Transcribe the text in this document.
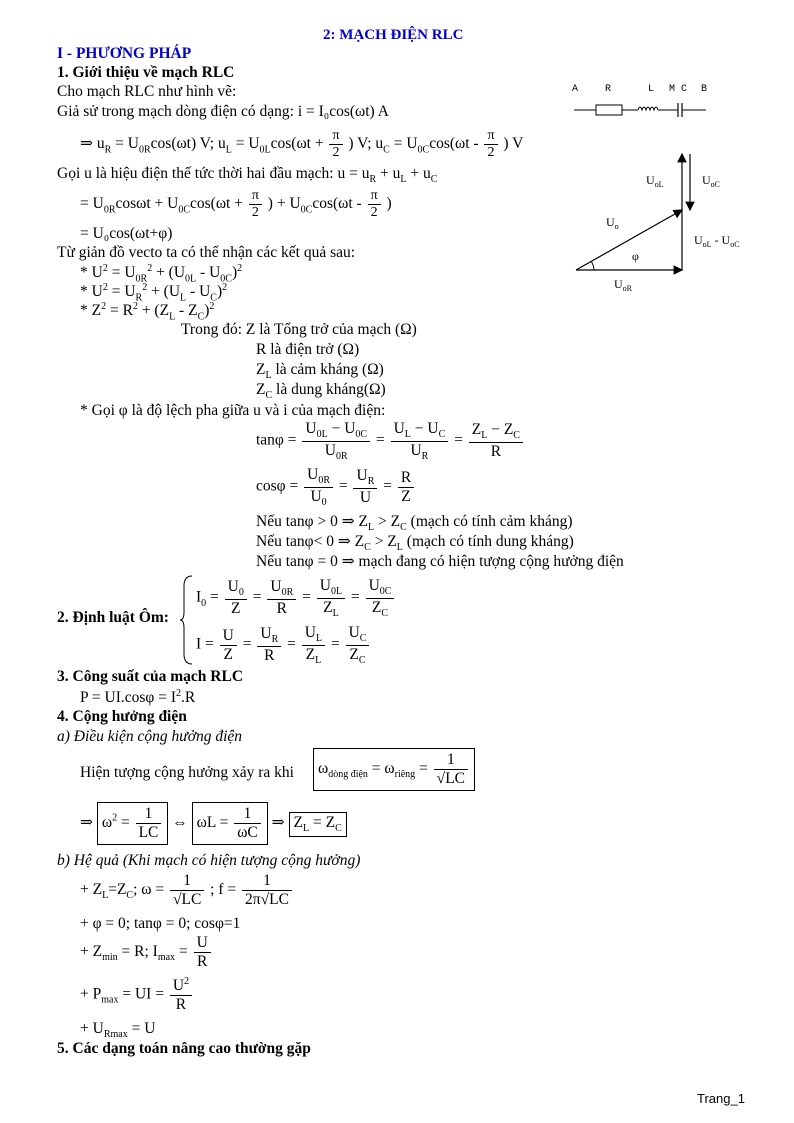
2: MẠCH ĐIỆN RLC
I - PHƯƠNG PHÁP
1. Giới thiệu về mạch RLC
Cho mạch RLC như hình vẽ:
Giả sử trong mạch dòng điện có dạng: i = I₀cos(ωt) A
A	R	L M C B
⇒ $u_R = U_{0R}\cos(\omega t)$ V; $u_L = U_{0L}\cos(\omega t + \frac{\pi}{2}$ ) V; $u_C = U_{0C}\cos(\omega t - \frac{\pi}{2}$ ) V
Gọi u là hiệu điện thế tức thời hai đầu mạch: $u = u_R + u_L + u_C$
= $U_{0R}\cos\omega t + U_{0C}\cos(\omega t + \frac{\pi}{2}$ ) + $U_{0C}\cos(\omega t - \frac{\pi}{2}$ )
= U₀cos(ωt+φ)
Từ giản đồ vecto ta có thể nhận các kết quả sau:
* $U^2 = U_{0R}^2 + (U_{0L} - U_{0C})^2$
* $U^2 = U_R^2 + (U_L - U_C)^2$
* $Z^2 = R^2 + (Z_L - Z_C)^2$
Trong đó: Z là Tổng trở của mạch (Ω)
R là điện trở (Ω)
$Z_L$ là cảm kháng (Ω)
$Z_C$ là dung kháng(Ω)
* Gọi φ là độ lệch pha giữa u và i của mạch điện:
$\tan\varphi = \frac{U_{0L} - U_{0C}}{U_{0R}} = \frac{U_L - U_C}{U_R} = \frac{Z_L - Z_C}{R}$
$\cos\varphi = \frac{U_{0R}}{U_0} = \frac{U_R}{U} = \frac{R}{Z}$
Nếu tanφ > 0 ⇒ $Z_L > Z_C$ (mạch có tính cảm kháng)
Nếu tanφ< 0 ⇒ $Z_C > Z_L$ (mạch có tính dung kháng)
Nếu tanφ = 0 ⇒ mạch đang có hiện tượng cộng hưởng điện
2. Định luật Ôm:
$I_0 = \frac{U_0}{Z} = \frac{U_{0R}}{R} = \frac{U_{0L}}{Z_L} = \frac{U_{0C}}{Z_C}$
$I = \frac{U}{Z} = \frac{U_R}{R} = \frac{U_L}{Z_L} = \frac{U_C}{Z_C}$
3. Công suất của mạch RLC
$P = UI.\cos\varphi = I^2.R$
4. Cộng hưởng điện
a) Điều kiện cộng hưởng điện
Hiện tượng cộng hưởng xảy ra khi	$\omega_{dòng điện} = \omega_{riêng} = \frac{1}{√LC}$
⇒ $\omega^2 = \frac{1}{LC}$ ⇔ $\omega L = \frac{1}{\omega C}$ ⇒ $Z_L = Z_C$
b) Hệ quả (Khi mạch có hiện tượng cộng hưởng)
+ $Z_L=Z_C$; $\omega = \frac{1}{√LC}$ ; $f = \frac{1}{2\pi√LC}$
+ φ = 0; tanφ = 0; cosφ=1
+ $Z_{min} = R$; $I_{max} = \frac{U}{R}$
+ $P_{max}$ = UI = $\frac{U^2}{R}$
+ $U_{Rmax} = U$
5. Các dạng toán nâng cao thường gặp
Trang_1
$U_{oL}$	$U_{oC}$
$U_o$
φ
$U_{oL} - U_{oC}$
$U_{oR}$
